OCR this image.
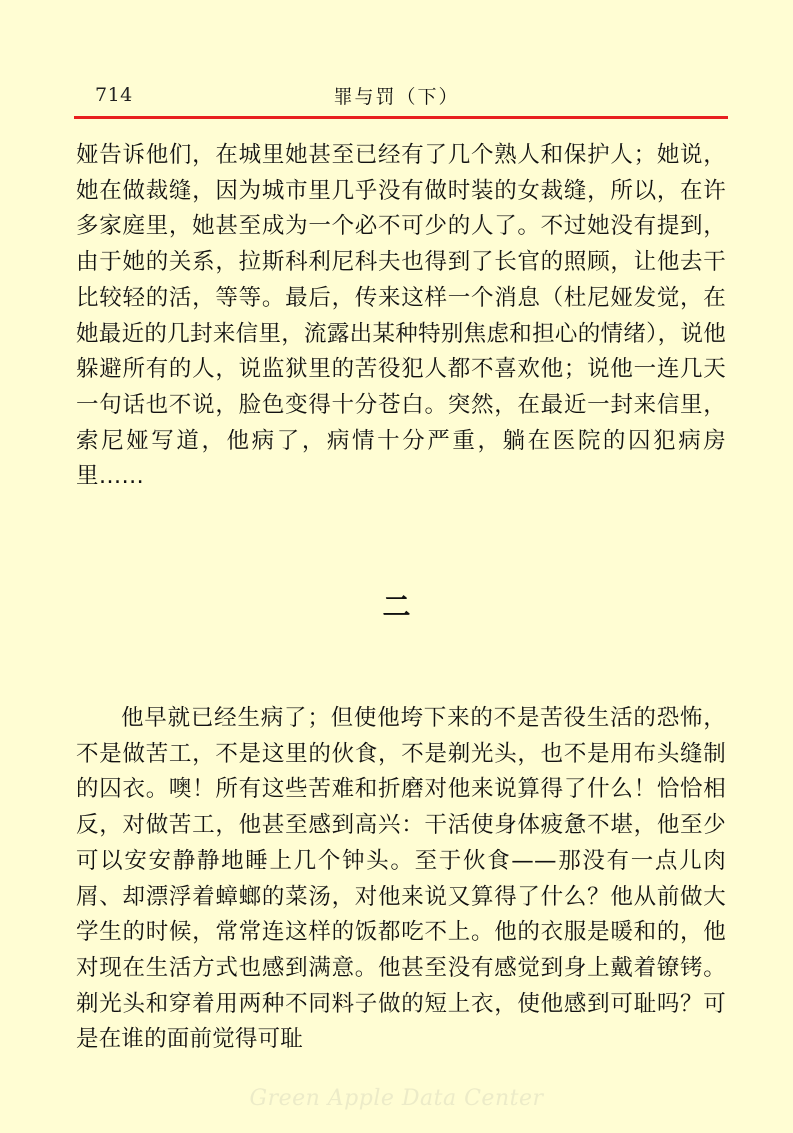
714	罪与罚（下）

娅告诉他们，在城里她甚至已经有了几个熟人和保护人；她说，她在做裁缝，因为城市里几乎没有做时装的女裁缝，所以，在许多家庭里，她甚至成为一个必不可少的人了。不过她没有提到，由于她的关系，拉斯科利尼科夫也得到了长官的照顾，让他去干比较轻的活，等等。最后，传来这样一个消息（杜尼娅发觉，在她最近的几封来信里，流露出某种特别焦虑和担心的情绪），说他躲避所有的人，说监狱里的苦役犯人都不喜欢他；说他一连几天一句话也不说，脸色变得十分苍白。突然，在最近一封来信里，索尼娅写道，他病了，病情十分严重，躺在医院的囚犯病房里……

二

他早就已经生病了；但使他垮下来的不是苦役生活的恐怖，不是做苦工，不是这里的伙食，不是剃光头，也不是用布头缝制的囚衣。噢！所有这些苦难和折磨对他来说算得了什么！恰恰相反，对做苦工，他甚至感到高兴：干活使身体疲惫不堪，他至少可以安安静静地睡上几个钟头。至于伙食——那没有一点儿肉屑、却漂浮着蟑螂的菜汤，对他来说又算得了什么？他从前做大学生的时候，常常连这样的饭都吃不上。他的衣服是暖和的，他对现在生活方式也感到满意。他甚至没有感觉到身上戴着镣铐。剃光头和穿着用两种不同料子做的短上衣，使他感到可耻吗？可是在谁的面前觉得可耻

Green Apple Data Center
